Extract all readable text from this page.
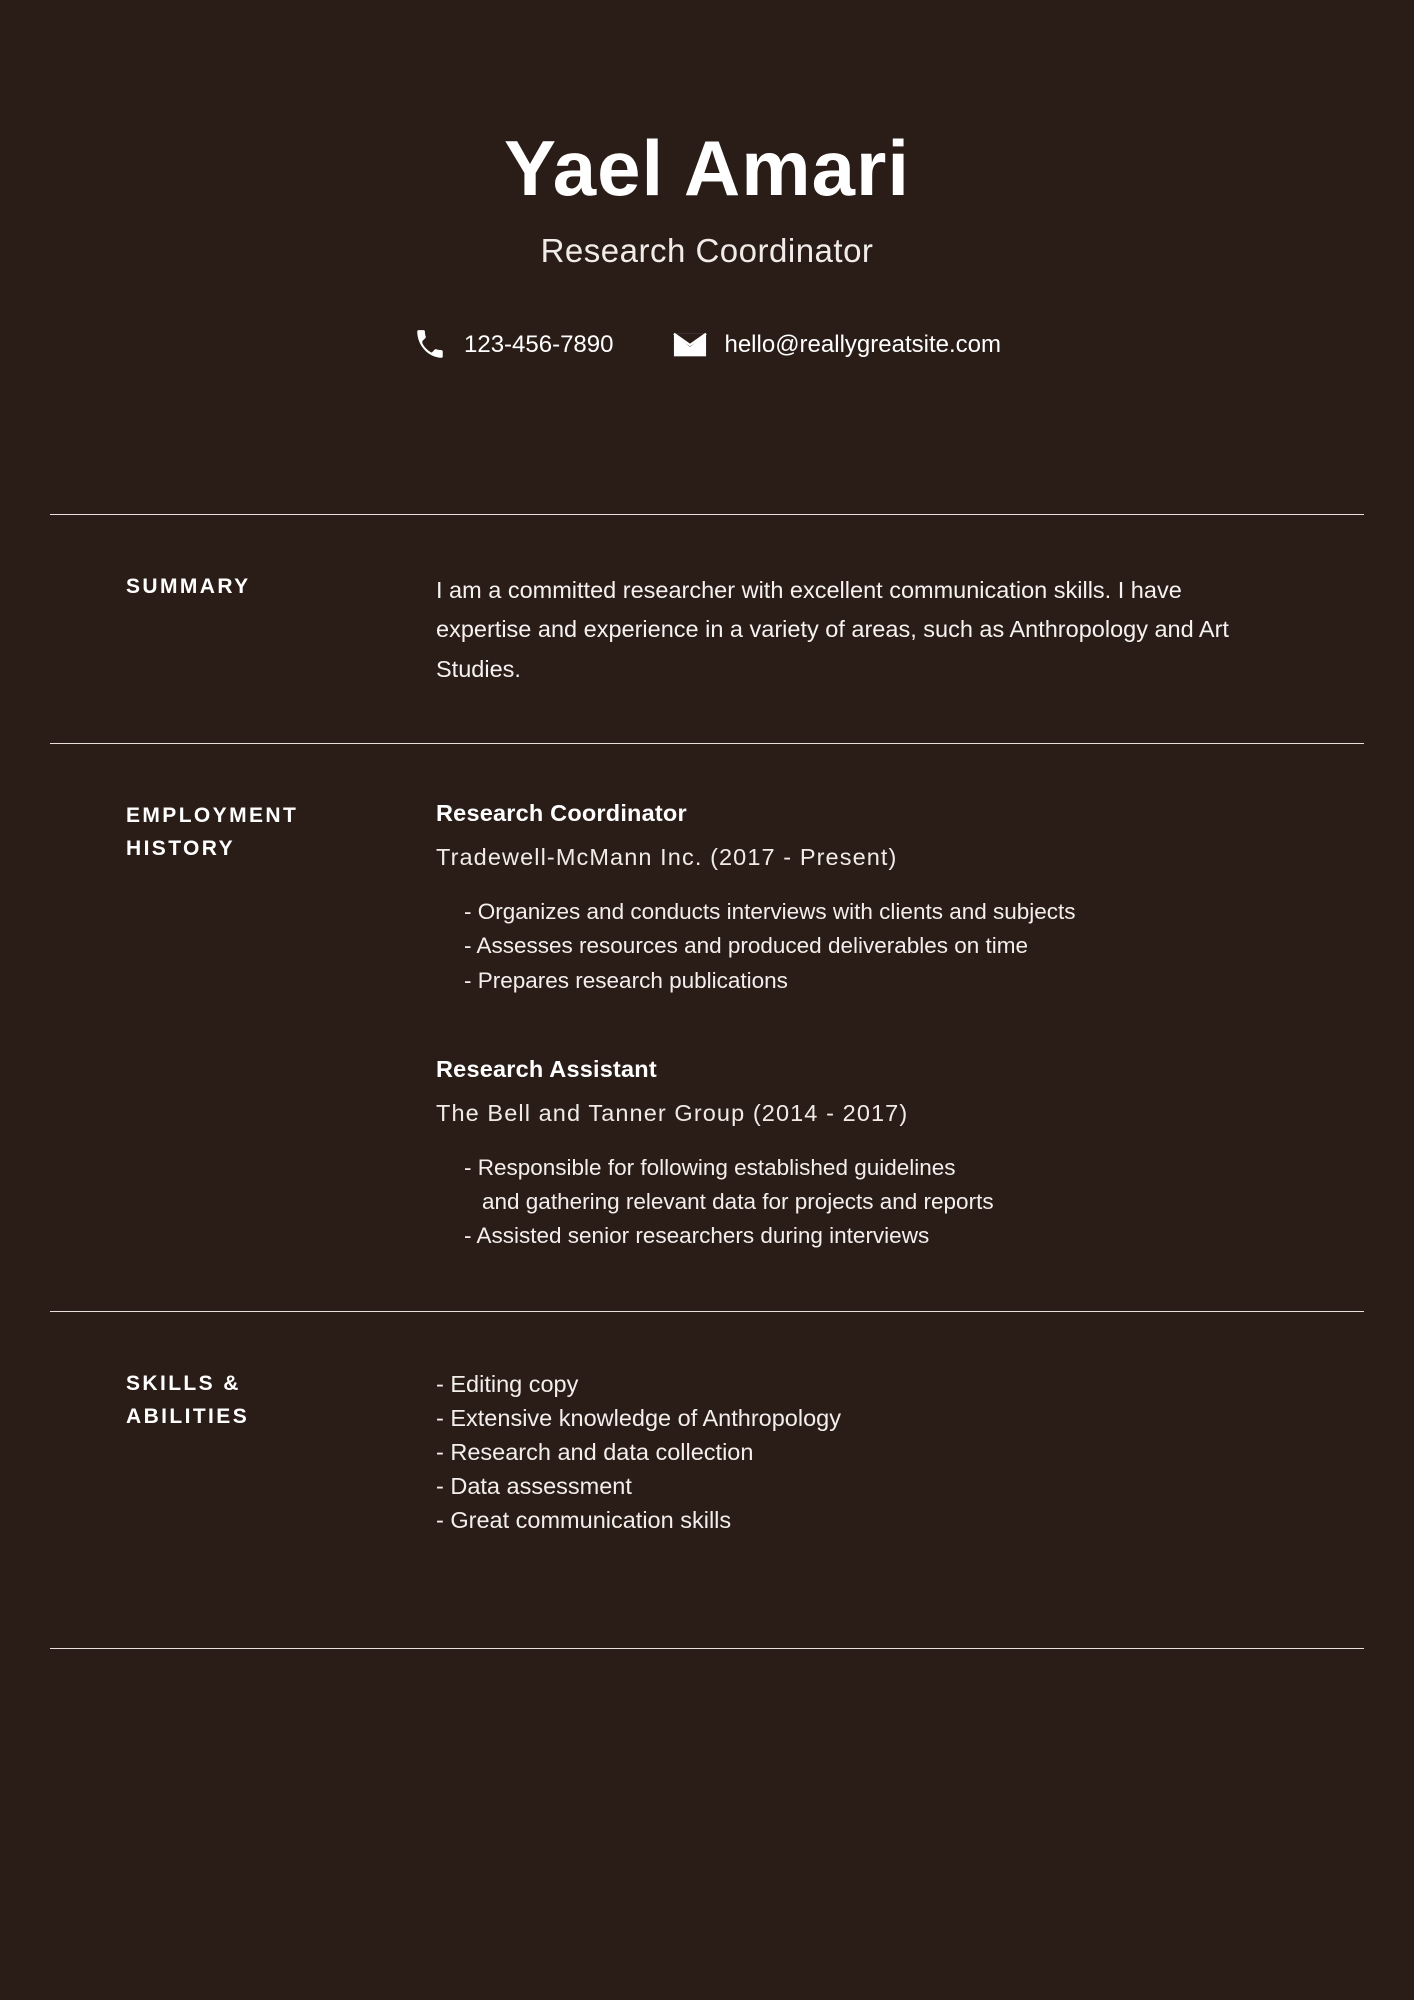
Yael Amari
Research Coordinator
123-456-7890	hello@reallygreatsite.com
SUMMARY	I am a committed researcher with excellent communication skills. I have expertise and experience in a variety of areas, such as Anthropology and Art Studies.
EMPLOYMENT
HISTORY
Research Coordinator
Tradewell-McMann Inc. (2017 - Present)
- Organizes and conducts interviews with clients and subjects
- Assesses resources and produced deliverables on time
- Prepares research publications
Research Assistant
The Bell and Tanner Group (2014 - 2017)
- Responsible for following established guidelines
and gathering relevant data for projects and reports
- Assisted senior researchers during interviews
SKILLS &
ABILITIES
- Editing copy
- Extensive knowledge of Anthropology
- Research and data collection
- Data assessment
- Great communication skills
